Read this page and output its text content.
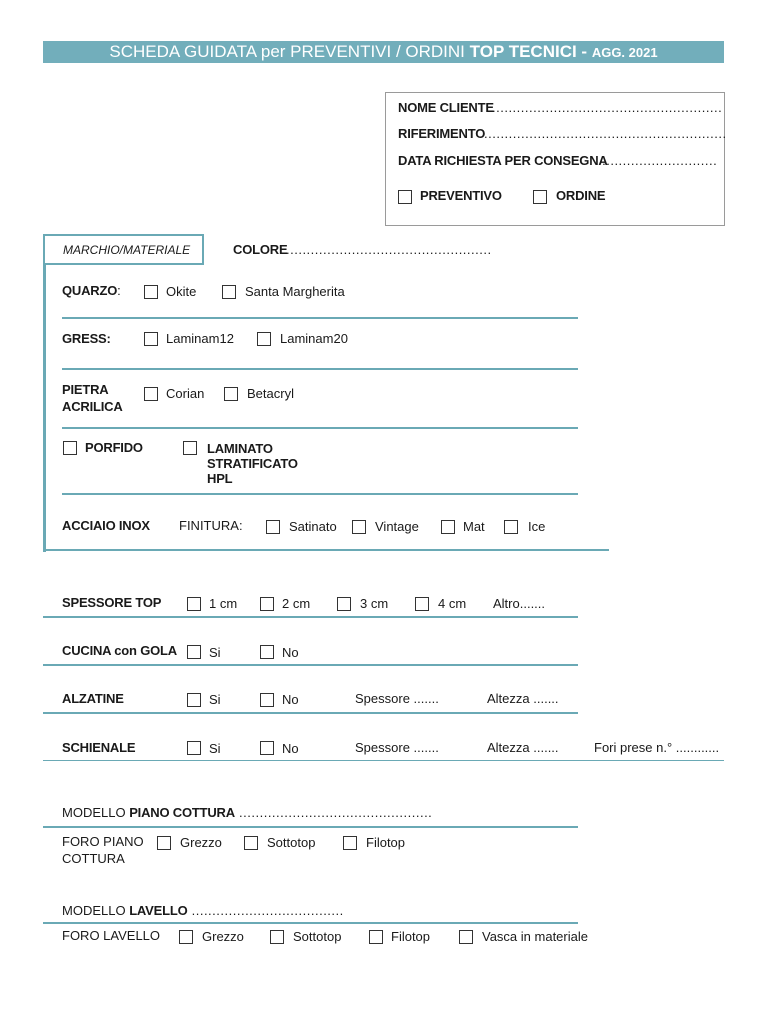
SCHEDA GUIDATA per PREVENTIVI / ORDINI TOP TECNICI - AGG. 2021
NOME CLIENTE
........................................................
RIFERIMENTO
...........................................................
DATA RICHIESTA PER CONSEGNA
.............................
PREVENTIVO	ORDINE
MARCHIO/MATERIALE	COLORE
..................................................
QUARZO:	Okite	Santa Margherita
GRESS:	Laminam12	Laminam20
PIETRA
ACRILICA
Corian	Betacryl
PORFIDO	LAMINATO
STRATIFICATO
HPL
ACCIAIO INOX FINITURA:	Satinato	Vintage	Mat	Ice
SPESSORE TOP	1 cm	2 cm	3 cm	4 cm Altro.......
CUCINA con GOLA Si	No
ALZATINE	Si	No	Spessore .......	Altezza .......
SCHIENALE	Si	No	Spessore .......	Altezza .......	Fori prese n.° ............
MODELLO PIANO COTTURA ...............................................
FORO PIANO
COTTURA
Grezzo	Sottotop	Filotop
MODELLO LAVELLO .....................................
FORO LAVELLO	Grezzo	Sottotop	Filotop	Vasca in materiale
